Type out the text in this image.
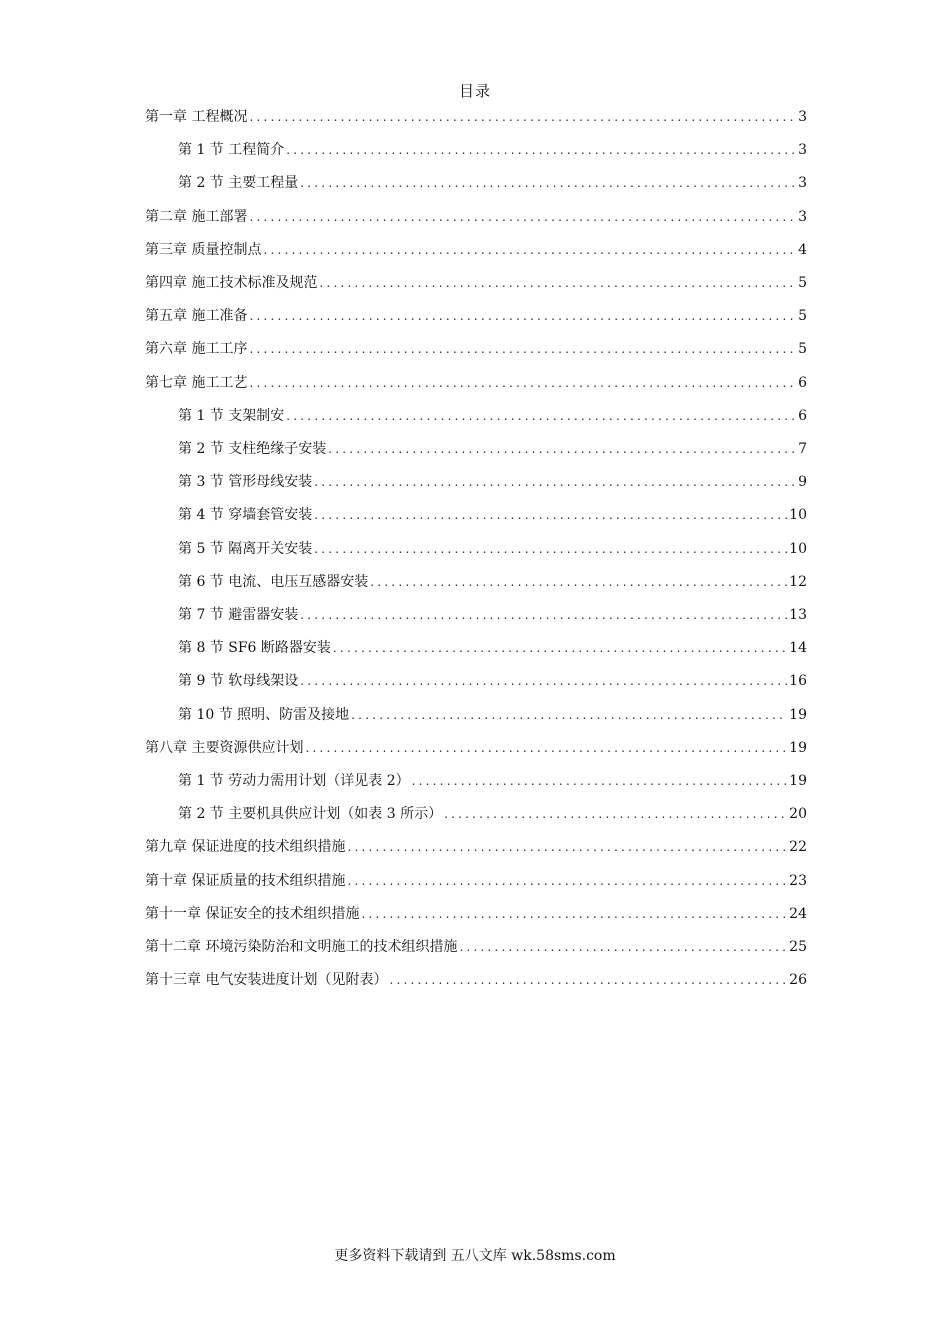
目录
第一章 工程概况 .....	3
第 1 节 工程简介 .....	3
第 2 节 主要工程量 .....	3
第二章 施工部署 .....	3
第三章 质量控制点 .....	4
第四章 施工技术标准及规范 .....	5
第五章 施工准备 .....	5
第六章 施工工序 .....	5
第七章 施工工艺 .....	6
第 1 节 支架制安 .....	6
第 2 节 支柱绝缘子安装 .....	7
第 3 节 管形母线安装 .....	9
第 4 节 穿墙套管安装 .....	10
第 5 节 隔离开关安装 .....	10
第 6 节 电流、电压互感器安装 .....	12
第 7 节 避雷器安装 .....	13
第 8 节 SF6 断路器安装 .....	14
第 9 节 软母线架设 .....	16
第 10 节 照明、防雷及接地 .....	19
第八章 主要资源供应计划 .....	19
第 1 节 劳动力需用计划（详见表 2） .....	19
第 2 节 主要机具供应计划（如表 3 所示） .....	20
第九章 保证进度的技术组织措施 .....	22
第十章 保证质量的技术组织措施 .....	23
第十一章 保证安全的技术组织措施 .....	24
第十二章 环境污染防治和文明施工的技术组织措施 .....	25
第十三章 电气安装进度计划（见附表） .....	26
更多资料下载请到 五八文库 wk.58sms.com
